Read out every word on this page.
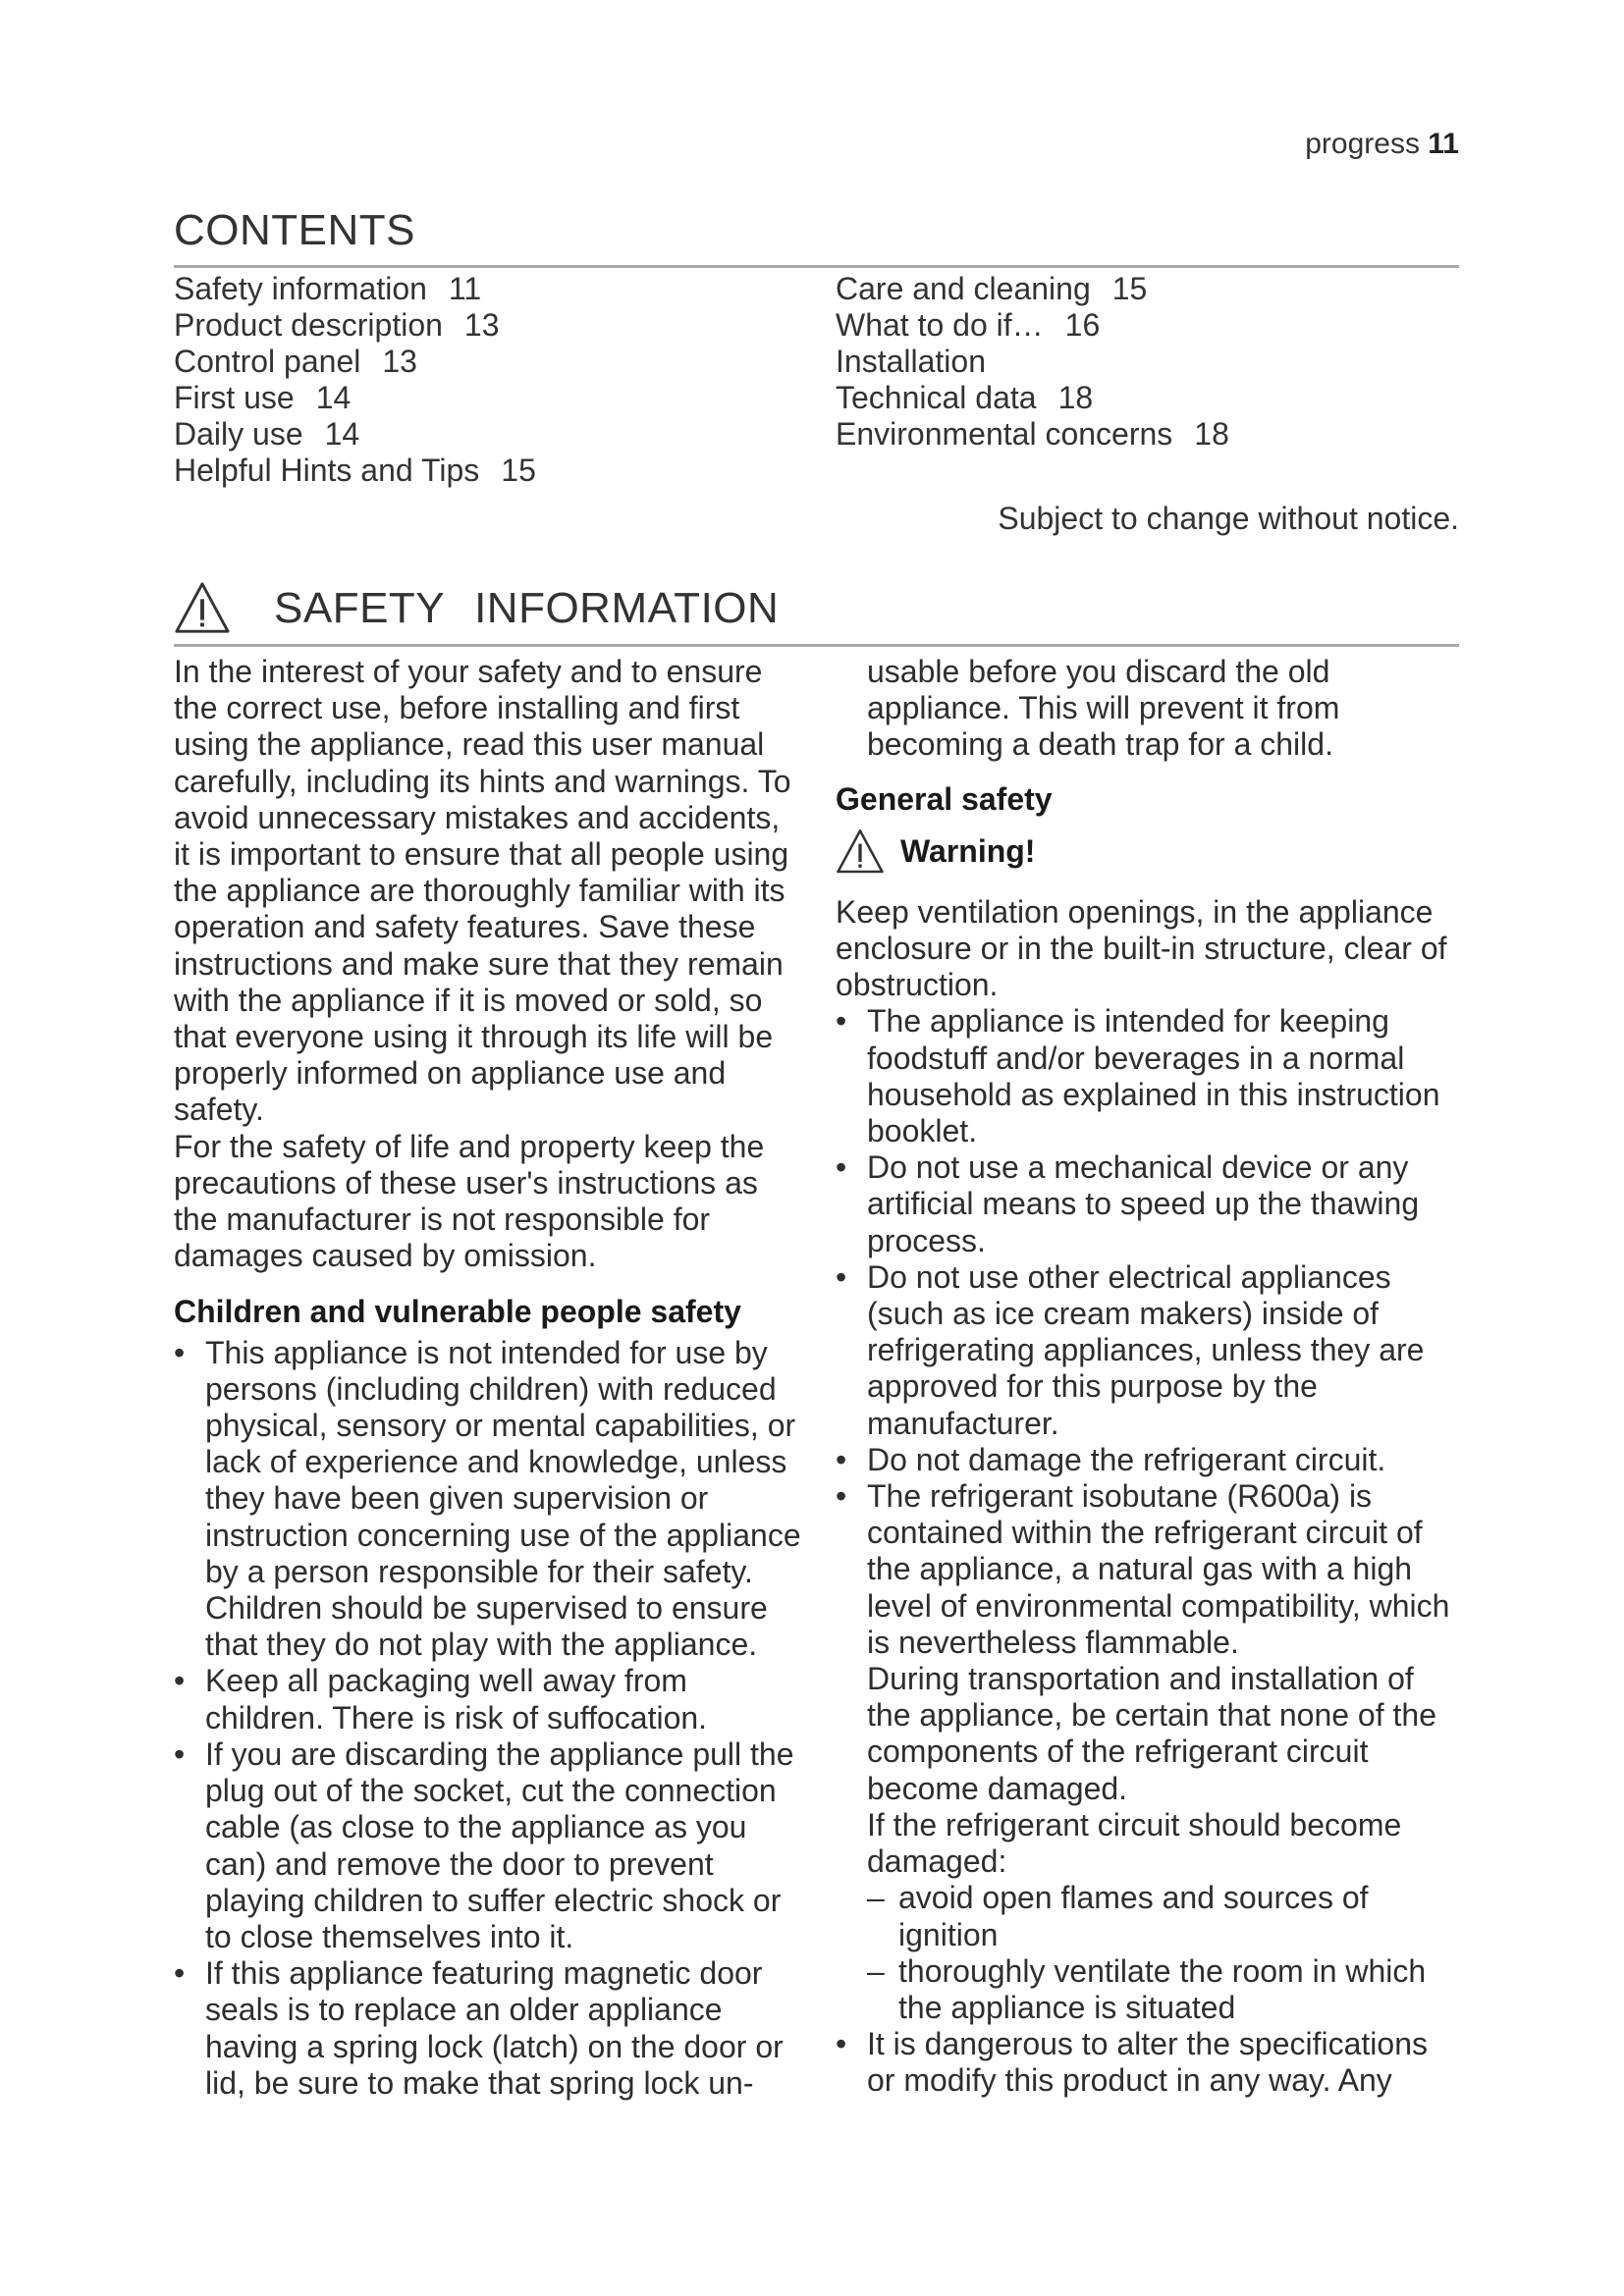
progress 11
CONTENTS
Safety information 11
Product description 13
Control panel 13
First use 14
Daily use 14
Helpful Hints and Tips 15
Care and cleaning 15
What to do if… 16
Installation
Technical data 18
Environmental concerns 18
Subject to change without notice.
SAFETY INFORMATION

In the interest of your safety and to ensure the correct use, before installing and first using the appliance, read this user manual carefully, including its hints and warnings. To avoid unnecessary mistakes and accidents, it is important to ensure that all people using the appliance are thoroughly familiar with its operation and safety features. Save these instructions and make sure that they remain with the appliance if it is moved or sold, so that everyone using it through its life will be properly informed on appliance use and safety.

For the safety of life and property keep the precautions of these user's instructions as the manufacturer is not responsible for damages caused by omission.

Children and vulnerable people safety
• This appliance is not intended for use by persons (including children) with reduced physical, sensory or mental capabilities, or lack of experience and knowledge, unless they have been given supervision or instruction concerning use of the appliance by a person responsible for their safety.
Children should be supervised to ensure that they do not play with the appliance.
• Keep all packaging well away from children. There is risk of suffocation.
• If you are discarding the appliance pull the plug out of the socket, cut the connection cable (as close to the appliance as you can) and remove the door to prevent playing children to suffer electric shock or to close themselves into it.
• If this appliance featuring magnetic door seals is to replace an older appliance having a spring lock (latch) on the door or lid, be sure to make that spring lock un-
usable before you discard the old appliance. This will prevent it from becoming a death trap for a child.
General safety
Warning!

Keep ventilation openings, in the appliance enclosure or in the built-in structure, clear of obstruction.

• The appliance is intended for keeping foodstuff and/or beverages in a normal household as explained in this instruction booklet.
• Do not use a mechanical device or any artificial means to speed up the thawing process.
• Do not use other electrical appliances (such as ice cream makers) inside of refrigerating appliances, unless they are approved for this purpose by the manufacturer.
• Do not damage the refrigerant circuit.
• The refrigerant isobutane (R600a) is contained within the refrigerant circuit of the appliance, a natural gas with a high level of environmental compatibility, which is nevertheless flammable.
During transportation and installation of the appliance, be certain that none of the components of the refrigerant circuit become damaged.
If the refrigerant circuit should become damaged:
– avoid open flames and sources of ignition
– thoroughly ventilate the room in which the appliance is situated
• It is dangerous to alter the specifications or modify this product in any way. Any
